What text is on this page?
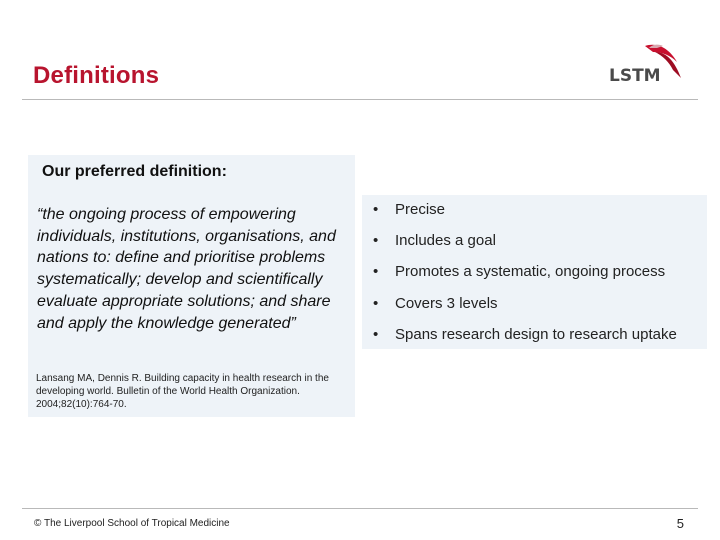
Definitions	LSTM
Our preferred definition:
“the ongoing process of empowering individuals, institutions, organisations, and nations to: define and prioritise problems systematically; develop and scientifically evaluate appropriate solutions; and share and apply the knowledge generated”
Lansang MA, Dennis R. Building capacity in health research in the developing world. Bulletin of the World Health Organization. 2004;82(10):764-70.
• Precise
• Includes a goal
• Promotes a systematic, ongoing process
• Covers 3 levels
• Spans research design to research uptake
© The Liverpool School of Tropical Medicine	5
